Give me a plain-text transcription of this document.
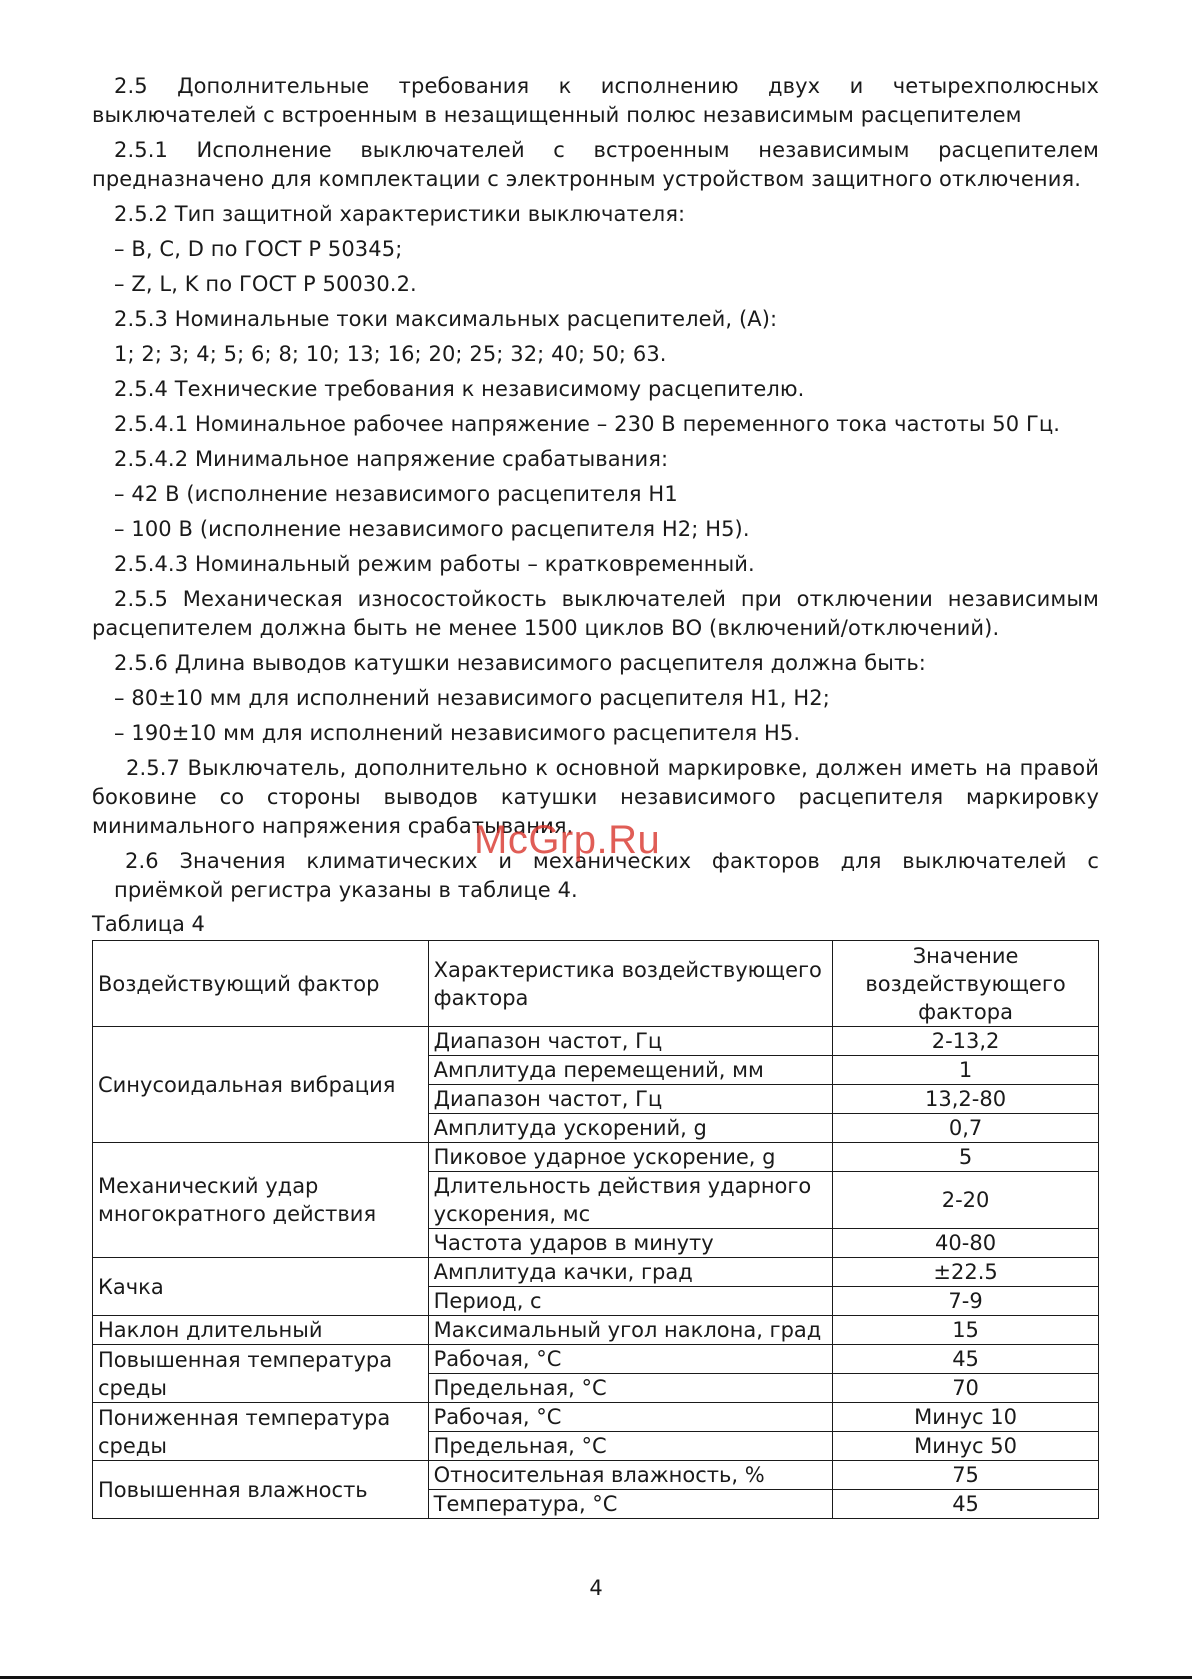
2.5 Дополнительные требования к исполнению двух и четырехполюсных выключателей с встроенным в незащищенный полюс независимым расцепителем

2.5.1 Исполнение выключателей с встроенным независимым расцепителем предназначено для комплектации с электронным устройством защитного отключения.

2.5.2 Тип защитной характеристики выключателя:

– B, C, D по ГОСТ Р 50345;

– Z, L, K по ГОСТ Р 50030.2.

2.5.3 Номинальные токи максимальных расцепителей, (А):

1; 2; 3; 4; 5; 6; 8; 10; 13; 16; 20; 25; 32; 40; 50; 63.

2.5.4 Технические требования к независимому расцепителю.

2.5.4.1 Номинальное рабочее напряжение – 230 В переменного тока частоты 50 Гц.

2.5.4.2 Минимальное напряжение срабатывания:

– 42 В (исполнение независимого расцепителя Н1

– 100 В (исполнение независимого расцепителя Н2; Н5).

2.5.4.3 Номинальный режим работы – кратковременный.

2.5.5 Механическая износостойкость выключателей при отключении независимым расцепителем должна быть не менее 1500 циклов ВО (включений/отключений).

2.5.6 Длина выводов катушки независимого расцепителя должна быть:

– 80±10 мм для исполнений независимого расцепителя Н1, Н2;

– 190±10 мм для исполнений независимого расцепителя Н5.

2.5.7 Выключатель, дополнительно к основной маркировке, должен иметь на правой боковине со стороны выводов катушки независимого расцепителя маркировку минимального напряжения срабатывания.

2.6 Значения климатических и механических факторов для выключателей с приёмкой регистра указаны в таблице 4.

McGrp.Ru
Таблица 4
Воздействующий фактор	Характеристика воздействующего фактора	Значение воздействующего фактора
Синусоидальная вибрация	Диапазон частот, Гц	2-13,2
	Амплитуда перемещений, мм	1
	Диапазон частот, Гц	13,2-80
	Амплитуда ускорений, g	0,7
Механический удар многократного действия	Пиковое ударное ускорение, g	5
	Длительность действия ударного ускорения, мс	2-20
	Частота ударов в минуту	40-80
Качка	Амплитуда качки, град	±22.5
	Период, с	7-9
Наклон длительный	Максимальный угол наклона, град	15
Повышенная температура среды	Рабочая, °С	45
	Предельная, °С	70
Пониженная температура среды	Рабочая, °С	Минус 10
	Предельная, °С	Минус 50
Повышенная влажность	Относительная влажность, %	75
	Температура, °С	45
4
